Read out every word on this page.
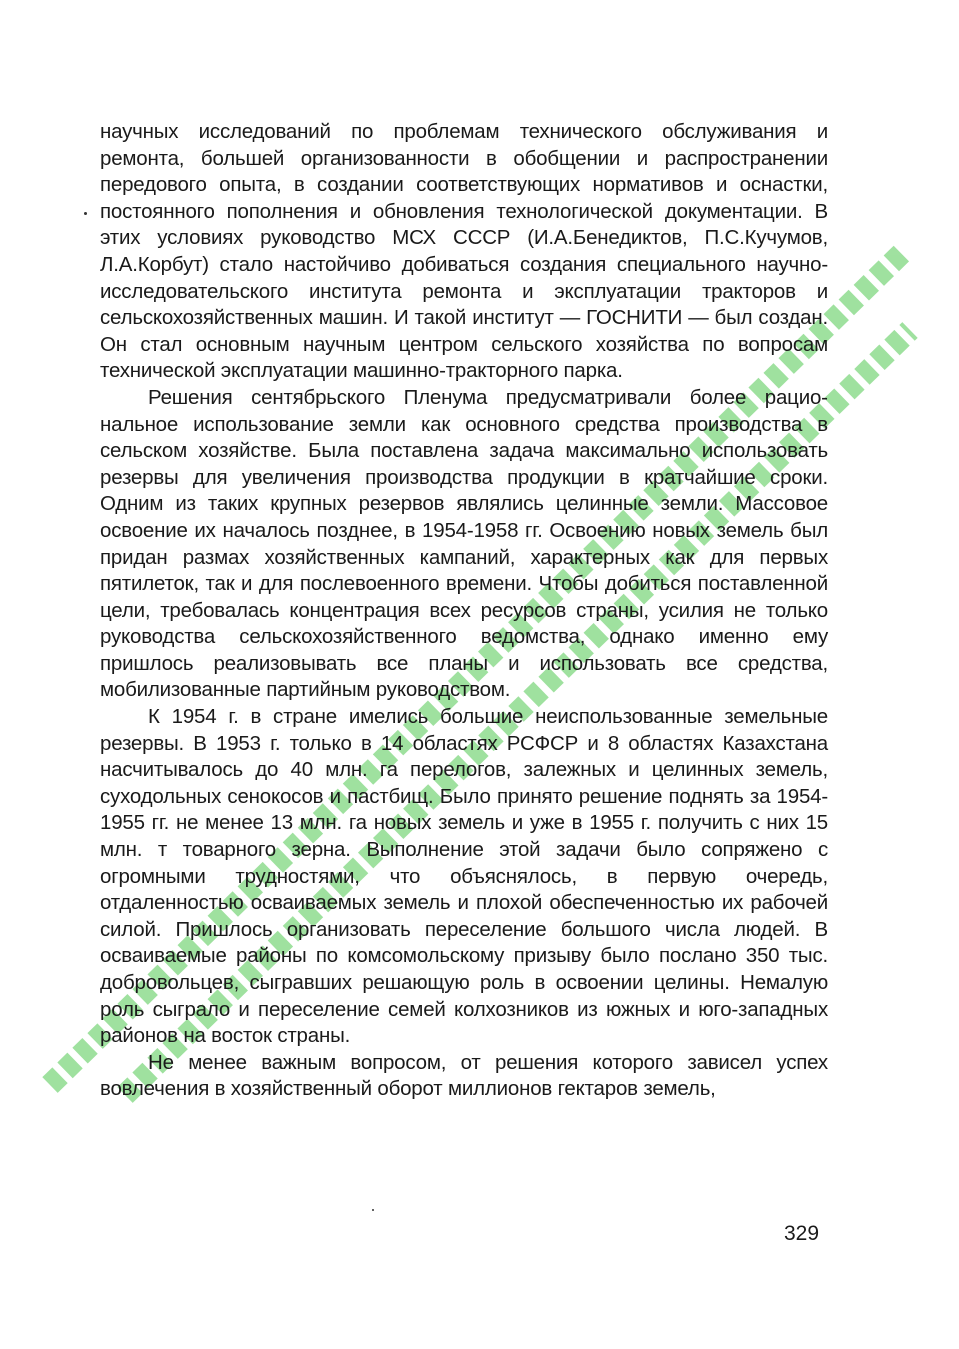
научных исследований по проблемам технического обслуживания и ремонта, большей организованности в обобщении и распространении передового опыта, в создании соответствующих нормативов и оснастки, постоянного пополнения и обновления технологической документации. В этих условиях руководство МСХ СССР (И.А.Бенедиктов, П.С.Кучумов, Л.А.Корбут) стало настойчиво добиваться создания специального научно-исследовательского института ремонта и эксплуатации тракторов и сельскохозяйственных машин. И такой институт — ГОСНИТИ — был создан. Он стал основным научным центром сельского хозяйства по вопросам технической эксплуатации машинно-тракторного парка.

Решения сентябрьского Пленума предусматривали более рациональное использование земли как основного средства производства в сельском хозяйстве. Была поставлена задача максимально использовать резервы для увеличения производства продукции в кратчайшие сроки. Одним из таких крупных резервов являлись целинные земли. Массовое освоение их началось позднее, в 1954-1958 гг. Освоению новых земель был придан размах хозяйственных кампаний, характерных как для первых пятилеток, так и для послевоенного времени. Чтобы добиться поставленной цели, требовалась концентрация всех ресурсов страны, усилия не только руководства сельскохозяйственного ведомства, однако именно ему пришлось реализовывать все планы и использовать все средства, мобилизованные партийным руководством.

К 1954 г. в стране имелись большие неиспользованные земельные резервы. В 1953 г. только в 14 областях РСФСР и 8 областях Казахстана насчитывалось до 40 млн. га перелогов, залежных и целинных земель, суходольных сенокосов и пастбищ. Было принято решение поднять за 1954-1955 гг. не менее 13 млн. га новых земель и уже в 1955 г. получить с них 15 млн. т товарного зерна. Выполнение этой задачи было сопряжено с огромными трудностями, что объяснялось, в первую очередь, отдаленностью осваиваемых земель и плохой обеспеченностью их рабочей силой. Пришлось организовать переселение большого числа людей. В осваиваемые районы по комсомольскому призыву было послано 350 тыс. добровольцев, сыгравших решающую роль в освоении целины. Немалую роль сыграло и переселение семей колхозников из южных и юго-западных районов на восток страны.

Не менее важным вопросом, от решения которого зависел успех вовлечения в хозяйственный оборот миллионов гектаров земель,

329
